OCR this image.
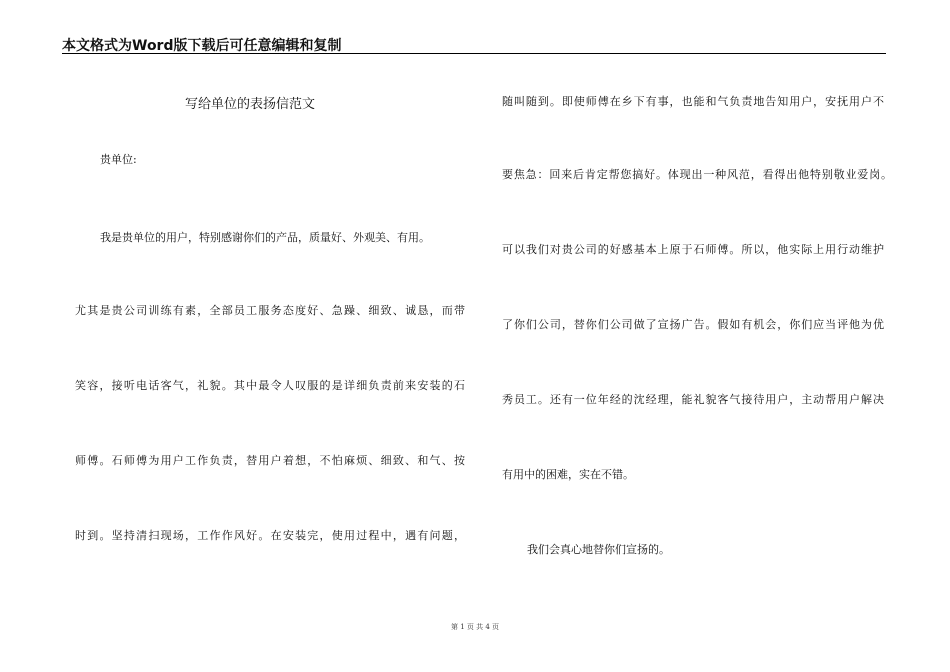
本文格式为Word版下载后可任意编辑和复制
写给单位的表扬信范文
贵单位:
我是贵单位的用户，特别感谢你们的产品，质量好、外观美、有用。
尤其是贵公司训练有素，全部员工服务态度好、急躁、细致、诚恳，而带
笑容，接听电话客气，礼貌。其中最令人叹服的是详细负责前来安装的石
师傅。石师傅为用户工作负责，替用户着想，不怕麻烦、细致、和气、按
时到。坚持清扫现场，工作作风好。在安装完，使用过程中，遇有问题，
随叫随到。即使师傅在乡下有事，也能和气负责地告知用户，安抚用户不
要焦急：回来后肯定帮您搞好。体现出一种风范，看得出他特别敬业爱岗。
可以我们对贵公司的好感基本上原于石师傅。所以，他实际上用行动维护
了你们公司，替你们公司做了宣扬广告。假如有机会，你们应当评他为优
秀员工。还有一位年经的沈经理，能礼貌客气接待用户，主动帮用户解决
有用中的困难，实在不错。
我们会真心地替你们宣扬的。
第 1 页 共 4 页
